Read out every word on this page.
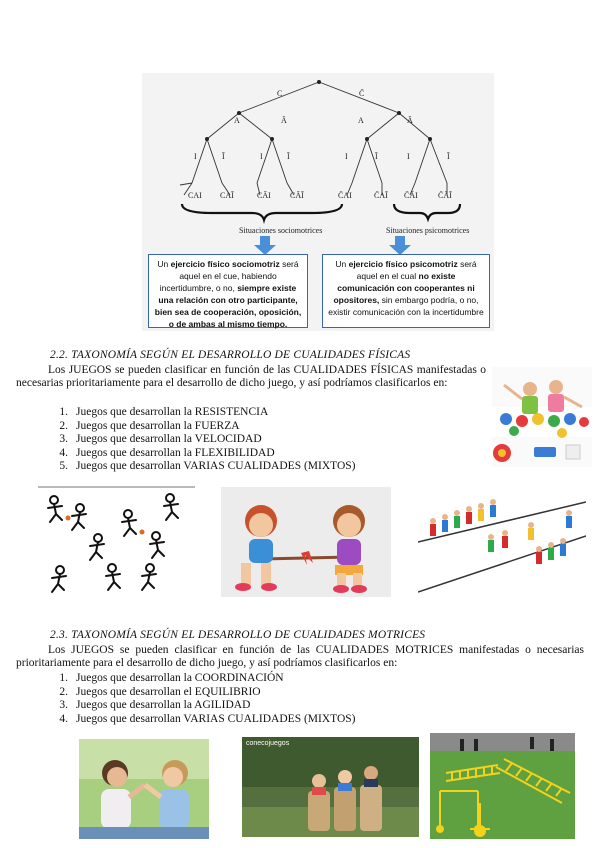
C	C̄
A	Ā	A	Ā
I	Ī	I	Ī	I	Ī	I	Ī
CAI CAĪ	CĀI CĀĪ	C̄AI	C̄AĪ C̄ĀI	C̄ĀĪ
Situaciones sociomotrices	Situaciones psicomotrices
Un ejercicio físico sociomotriz será aquel en el cue, habiendo incertidumbre, o no, siempre existe una relación con otro participante, bien sea de cooperación, oposición, o de ambas al mismo tiempo.
Un ejercicio físico psicomotriz será aquel en el cual no existe comunicación con cooperantes ni opositores, sin embargo podría, o no, existir comunicación con la incertidumbre
2.2. TAXONOMÍA SEGÚN EL DESARROLLO DE CUALIDADES FÍSICAS
Los JUEGOS se pueden clasificar en función de las CUALIDADES FÍSICAS manifestadas o necesarias prioritariamente para el desarrollo de dicho juego, y así podríamos clasificarlos en:
1. Juegos que desarrollan la RESISTENCIA
2. Juegos que desarrollan la FUERZA
3. Juegos que desarrollan la VELOCIDAD
4. Juegos que desarrollan la FLEXIBILIDAD
5. Juegos que desarrollan VARIAS CUALIDADES (MIXTOS)
2.3. TAXONOMÍA SEGÚN EL DESARROLLO DE CUALIDADES MOTRICES
Los JUEGOS se pueden clasificar en función de las CUALIDADES MOTRICES manifestadas o necesarias prioritariamente para el desarrollo de dicho juego, y así podríamos clasificarlos en:
1. Juegos que desarrollan la COORDINACIÓN
2. Juegos que desarrollan el EQUILIBRIO
3. Juegos que desarrollan la AGILIDAD
4. Juegos que desarrollan VARIAS CUALIDADES (MIXTOS)
conecojuegos
